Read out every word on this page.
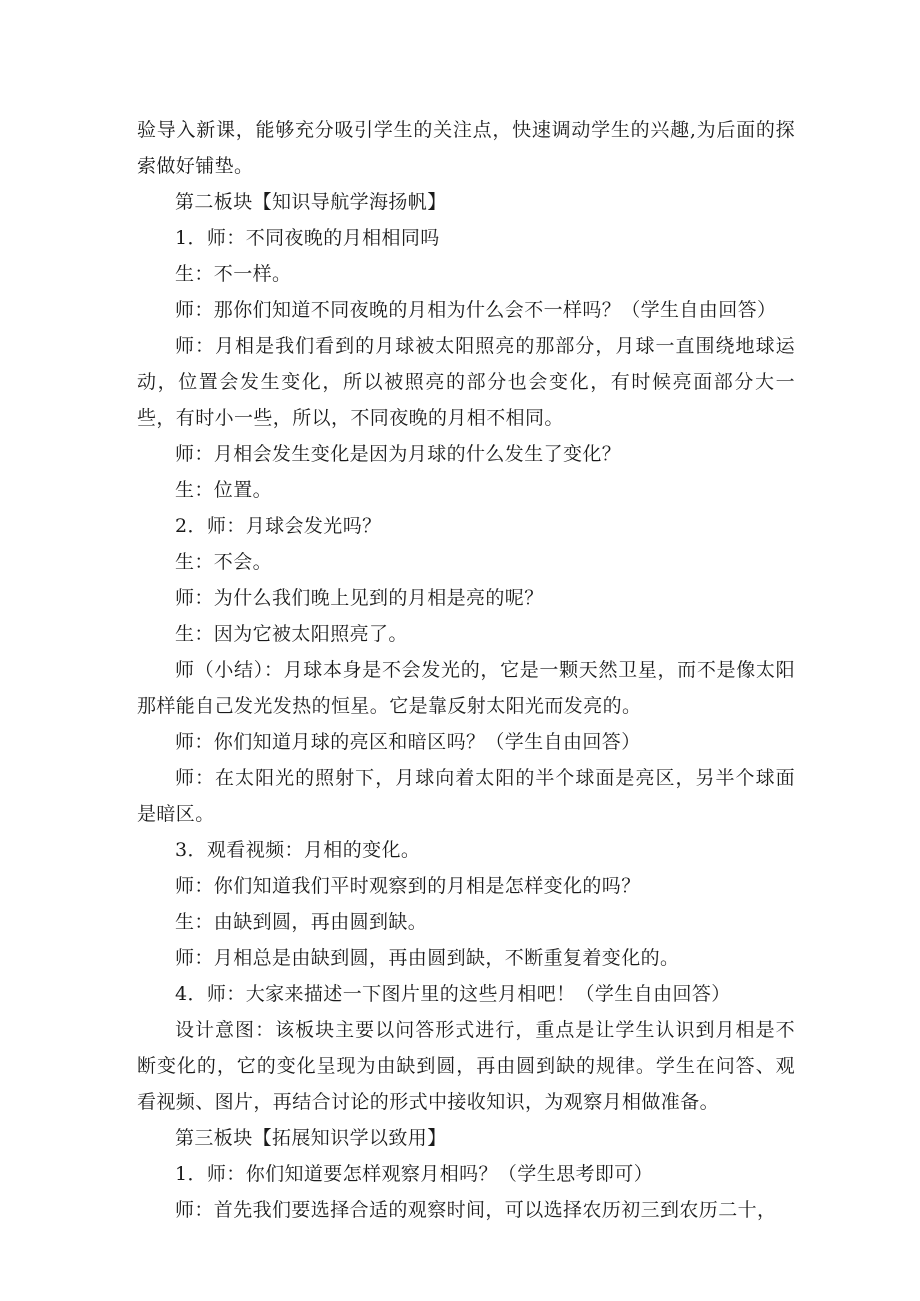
验导入新课，能够充分吸引学生的关注点，快速调动学生的兴趣,为后面的探索做好铺垫。

第二板块【知识导航学海扬帆】

1．师：不同夜晚的月相相同吗

生：不一样。

师：那你们知道不同夜晚的月相为什么会不一样吗？（学生自由回答）

师：月相是我们看到的月球被太阳照亮的那部分，月球一直围绕地球运动，位置会发生变化，所以被照亮的部分也会变化，有时候亮面部分大一些，有时小一些，所以，不同夜晚的月相不相同。

师：月相会发生变化是因为月球的什么发生了变化？

生：位置。

2．师：月球会发光吗？

生：不会。

师：为什么我们晚上见到的月相是亮的呢？

生：因为它被太阳照亮了。

师（小结）：月球本身是不会发光的，它是一颗天然卫星，而不是像太阳那样能自己发光发热的恒星。它是靠反射太阳光而发亮的。

师：你们知道月球的亮区和暗区吗？（学生自由回答）

师：在太阳光的照射下，月球向着太阳的半个球面是亮区，另半个球面是暗区。

3．观看视频：月相的变化。

师：你们知道我们平时观察到的月相是怎样变化的吗？

生：由缺到圆，再由圆到缺。

师：月相总是由缺到圆，再由圆到缺，不断重复着变化的。

4．师：大家来描述一下图片里的这些月相吧！（学生自由回答）

设计意图：该板块主要以问答形式进行，重点是让学生认识到月相是不断变化的，它的变化呈现为由缺到圆，再由圆到缺的规律。学生在问答、观看视频、图片，再结合讨论的形式中接收知识，为观察月相做准备。

第三板块【拓展知识学以致用】

1．师：你们知道要怎样观察月相吗？（学生思考即可）

师：首先我们要选择合适的观察时间，可以选择农历初三到农历二十，
